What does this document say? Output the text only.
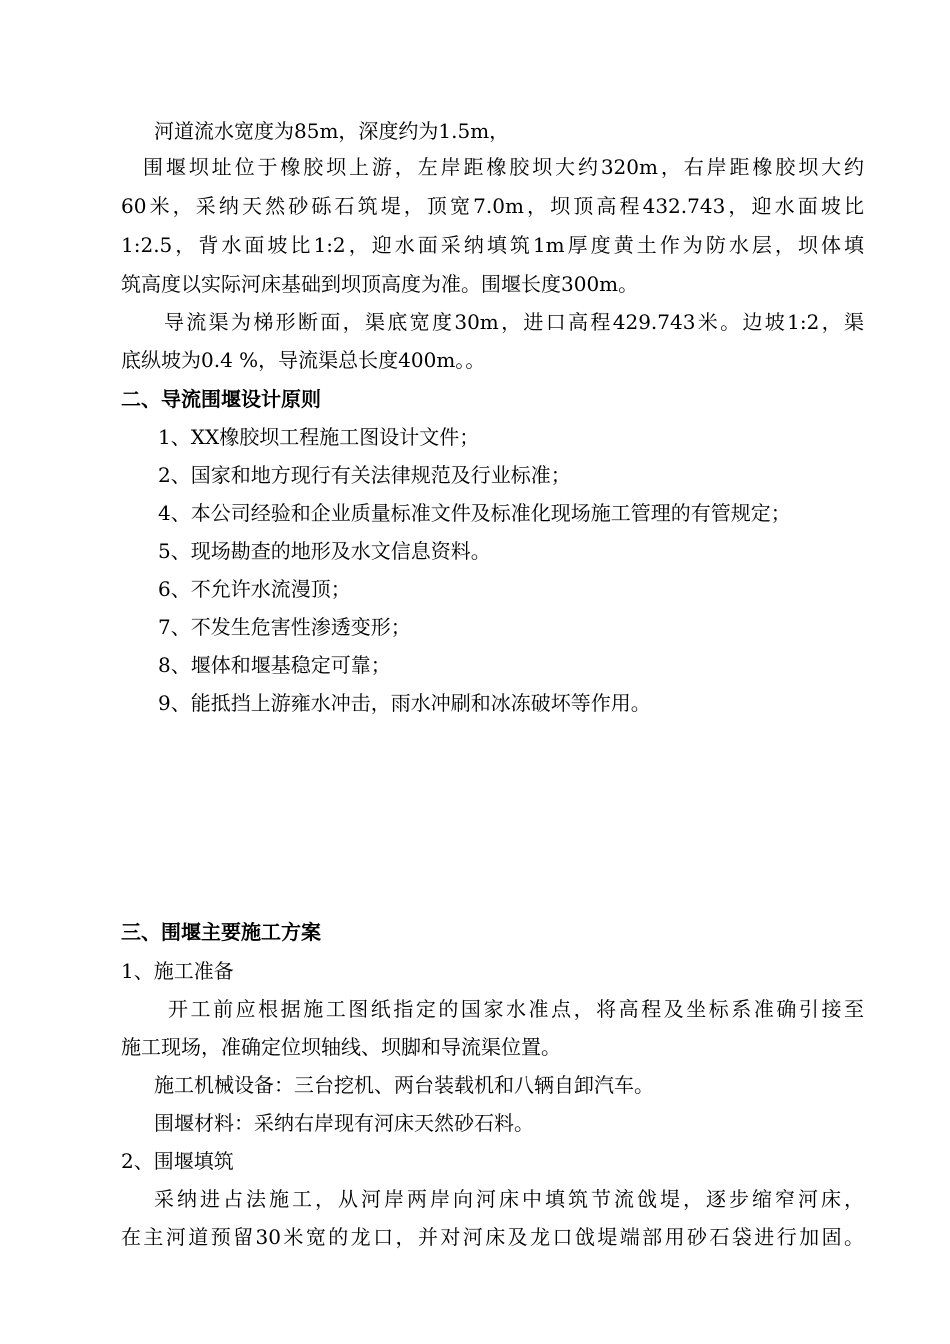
河道流水宽度为85m，深度约为1.5m，
围堰坝址位于橡胶坝上游，左岸距橡胶坝大约320m，右岸距橡胶坝大约
60米，采纳天然砂砾石筑堤，顶宽7.0m，坝顶高程432.743，迎水面坡比
1:2.5，背水面坡比1:2，迎水面采纳填筑1m厚度黄土作为防水层，坝体填
筑高度以实际河床基础到坝顶高度为准。围堰长度300m。
导流渠为梯形断面，渠底宽度30m，进口高程429.743米。边坡1:2，渠
底纵坡为0.4 %，导流渠总长度400m。。
二、导流围堰设计原则
1、XX橡胶坝工程施工图设计文件；
2、国家和地方现行有关法律规范及行业标准；
4、本公司经验和企业质量标准文件及标准化现场施工管理的有管规定；
5、现场勘查的地形及水文信息资料。
6、不允许水流漫顶；
7、不发生危害性渗透变形；
8、堰体和堰基稳定可靠；
9、能抵挡上游雍水冲击，雨水冲刷和冰冻破坏等作用。
三、围堰主要施工方案
1、施工准备
开工前应根据施工图纸指定的国家水准点，将高程及坐标系准确引接至
施工现场，准确定位坝轴线、坝脚和导流渠位置。
施工机械设备：三台挖机、两台装载机和八辆自卸汽车。
围堰材料：采纳右岸现有河床天然砂石料。
2、围堰填筑
采纳进占法施工，从河岸两岸向河床中填筑节流戗堤，逐步缩窄河床，
在主河道预留30米宽的龙口，并对河床及龙口戗堤端部用砂石袋进行加固。
